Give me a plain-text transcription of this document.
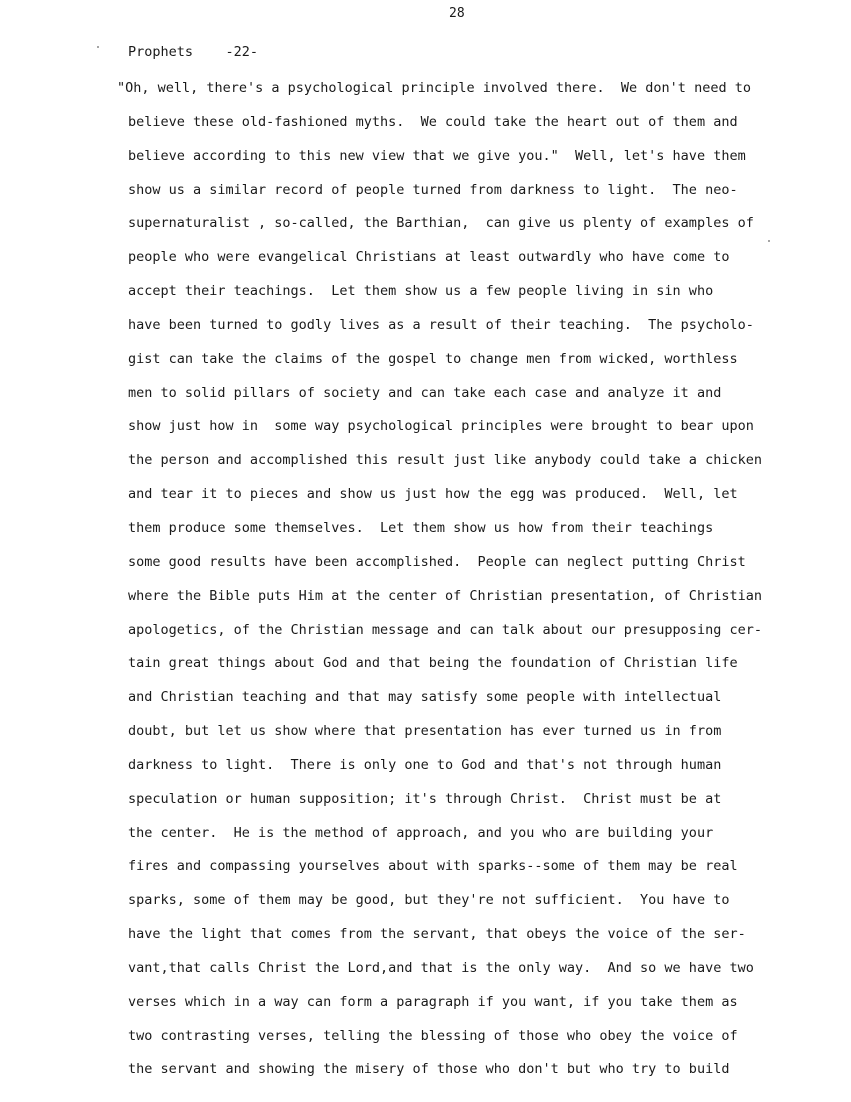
28
Prophets -22-
"Oh, well, there's a psychological principle involved there.  We don't need to
believe these old-fashioned myths.  We could take the heart out of them and
believe according to this new view that we give you."  Well, let's have them
show us a similar record of people turned from darkness to light.  The neo-
supernaturalist , so-called, the Barthian,  can give us plenty of examples of
people who were evangelical Christians at least outwardly who have come to
accept their teachings.  Let them show us a few people living in sin who
have been turned to godly lives as a result of their teaching.  The psycholo-
gist can take the claims of the gospel to change men from wicked, worthless
men to solid pillars of society and can take each case and analyze it and
show just how in  some way psychological principles were brought to bear upon
the person and accomplished this result just like anybody could take a chicken
and tear it to pieces and show us just how the egg was produced.  Well, let
them produce some themselves.  Let them show us how from their teachings
some good results have been accomplished.  People can neglect putting Christ
where the Bible puts Him at the center of Christian presentation, of Christian
apologetics, of the Christian message and can talk about our presupposing cer-
tain great things about God and that being the foundation of Christian life
and Christian teaching and that may satisfy some people with intellectual
doubt, but let us show where that presentation has ever turned us in from
darkness to light.  There is only one to God and that's not through human
speculation or human supposition; it's through Christ.  Christ must be at
the center.  He is the method of approach, and you who are building your
fires and compassing yourselves about with sparks--some of them may be real
sparks, some of them may be good, but they're not sufficient.  You have to
have the light that comes from the servant, that obeys the voice of the ser-
vant,that calls Christ the Lord,and that is the only way.  And so we have two
verses which in a way can form a paragraph if you want, if you take them as
two contrasting verses, telling the blessing of those who obey the voice of
the servant and showing the misery of those who don't but who try to build
